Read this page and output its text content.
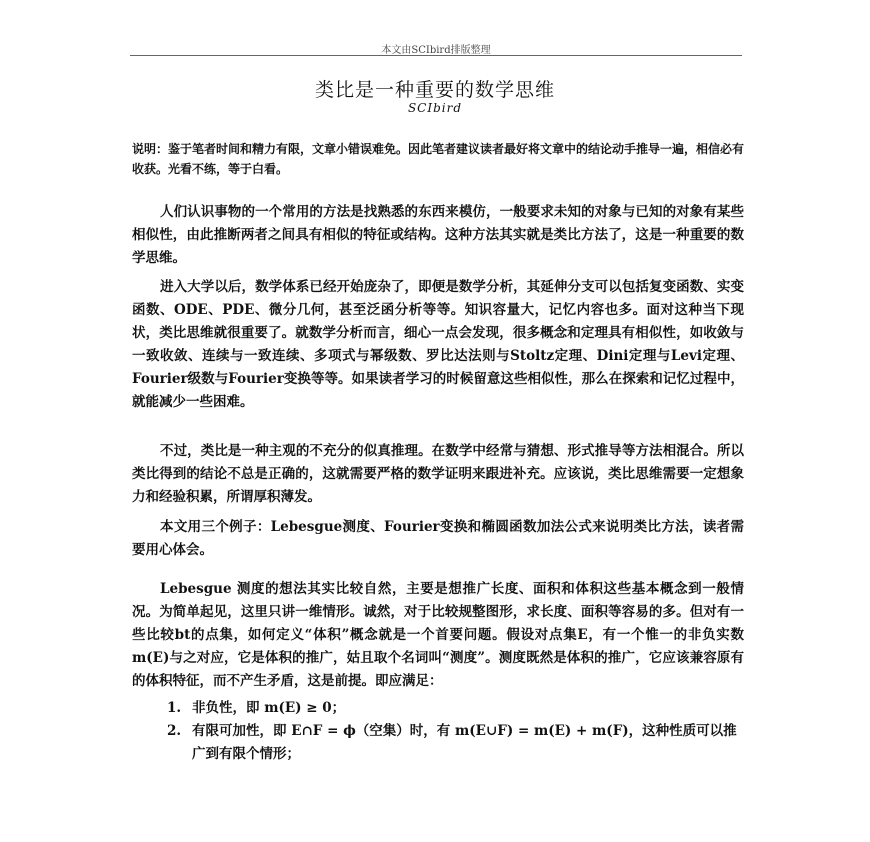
本文由SCIbird排版整理
类比是一种重要的数学思维
SCIbird
说明：鉴于笔者时间和精力有限，文章小错误难免。因此笔者建议读者最好将文章中的结论动手推导一遍，相信必有收获。光看不练，等于白看。

人们认识事物的一个常用的方法是找熟悉的东西来模仿，一般要求未知的对象与已知的对象有某些相似性，由此推断两者之间具有相似的特征或结构。这种方法其实就是类比方法了，这是一种重要的数学思维。

进入大学以后，数学体系已经开始庞杂了，即便是数学分析，其延伸分支可以包括复变函数、实变函数、ODE、PDE、微分几何，甚至泛函分析等等。知识容量大，记忆内容也多。面对这种当下现状，类比思维就很重要了。就数学分析而言，细心一点会发现，很多概念和定理具有相似性，如收敛与一致收敛、连续与一致连续、多项式与幂级数、罗比达法则与Stoltz定理、Dini定理与Levi定理、Fourier级数与Fourier变换等等。如果读者学习的时候留意这些相似性，那么在探索和记忆过程中，就能减少一些困难。

不过，类比是一种主观的不充分的似真推理。在数学中经常与猜想、形式推导等方法相混合。所以类比得到的结论不总是正确的，这就需要严格的数学证明来跟进补充。应该说，类比思维需要一定想象力和经验积累，所谓厚积薄发。

本文用三个例子：Lebesgue测度、Fourier变换和椭圆函数加法公式来说明类比方法，读者需要用心体会。

Lebesgue 测度的想法其实比较自然，主要是想推广长度、面积和体积这些基本概念到一般情况。为简单起见，这里只讲一维情形。诚然，对于比较规整图形，求长度、面积等容易的多。但对有一些比较bt的点集，如何定义“体积”概念就是一个首要问题。假设对点集E，有一个惟一的非负实数m(E)与之对应，它是体积的推广，姑且取个名词叫“测度”。测度既然是体积的推广，它应该兼容原有的体积特征，而不产生矛盾，这是前提。即应满足：

1. 非负性，即 m(E) ≥ 0；
2. 有限可加性，即 E∩F = ϕ（空集）时，有 m(E∪F) = m(E) + m(F)，这种性质可以推广到有限个情形；
